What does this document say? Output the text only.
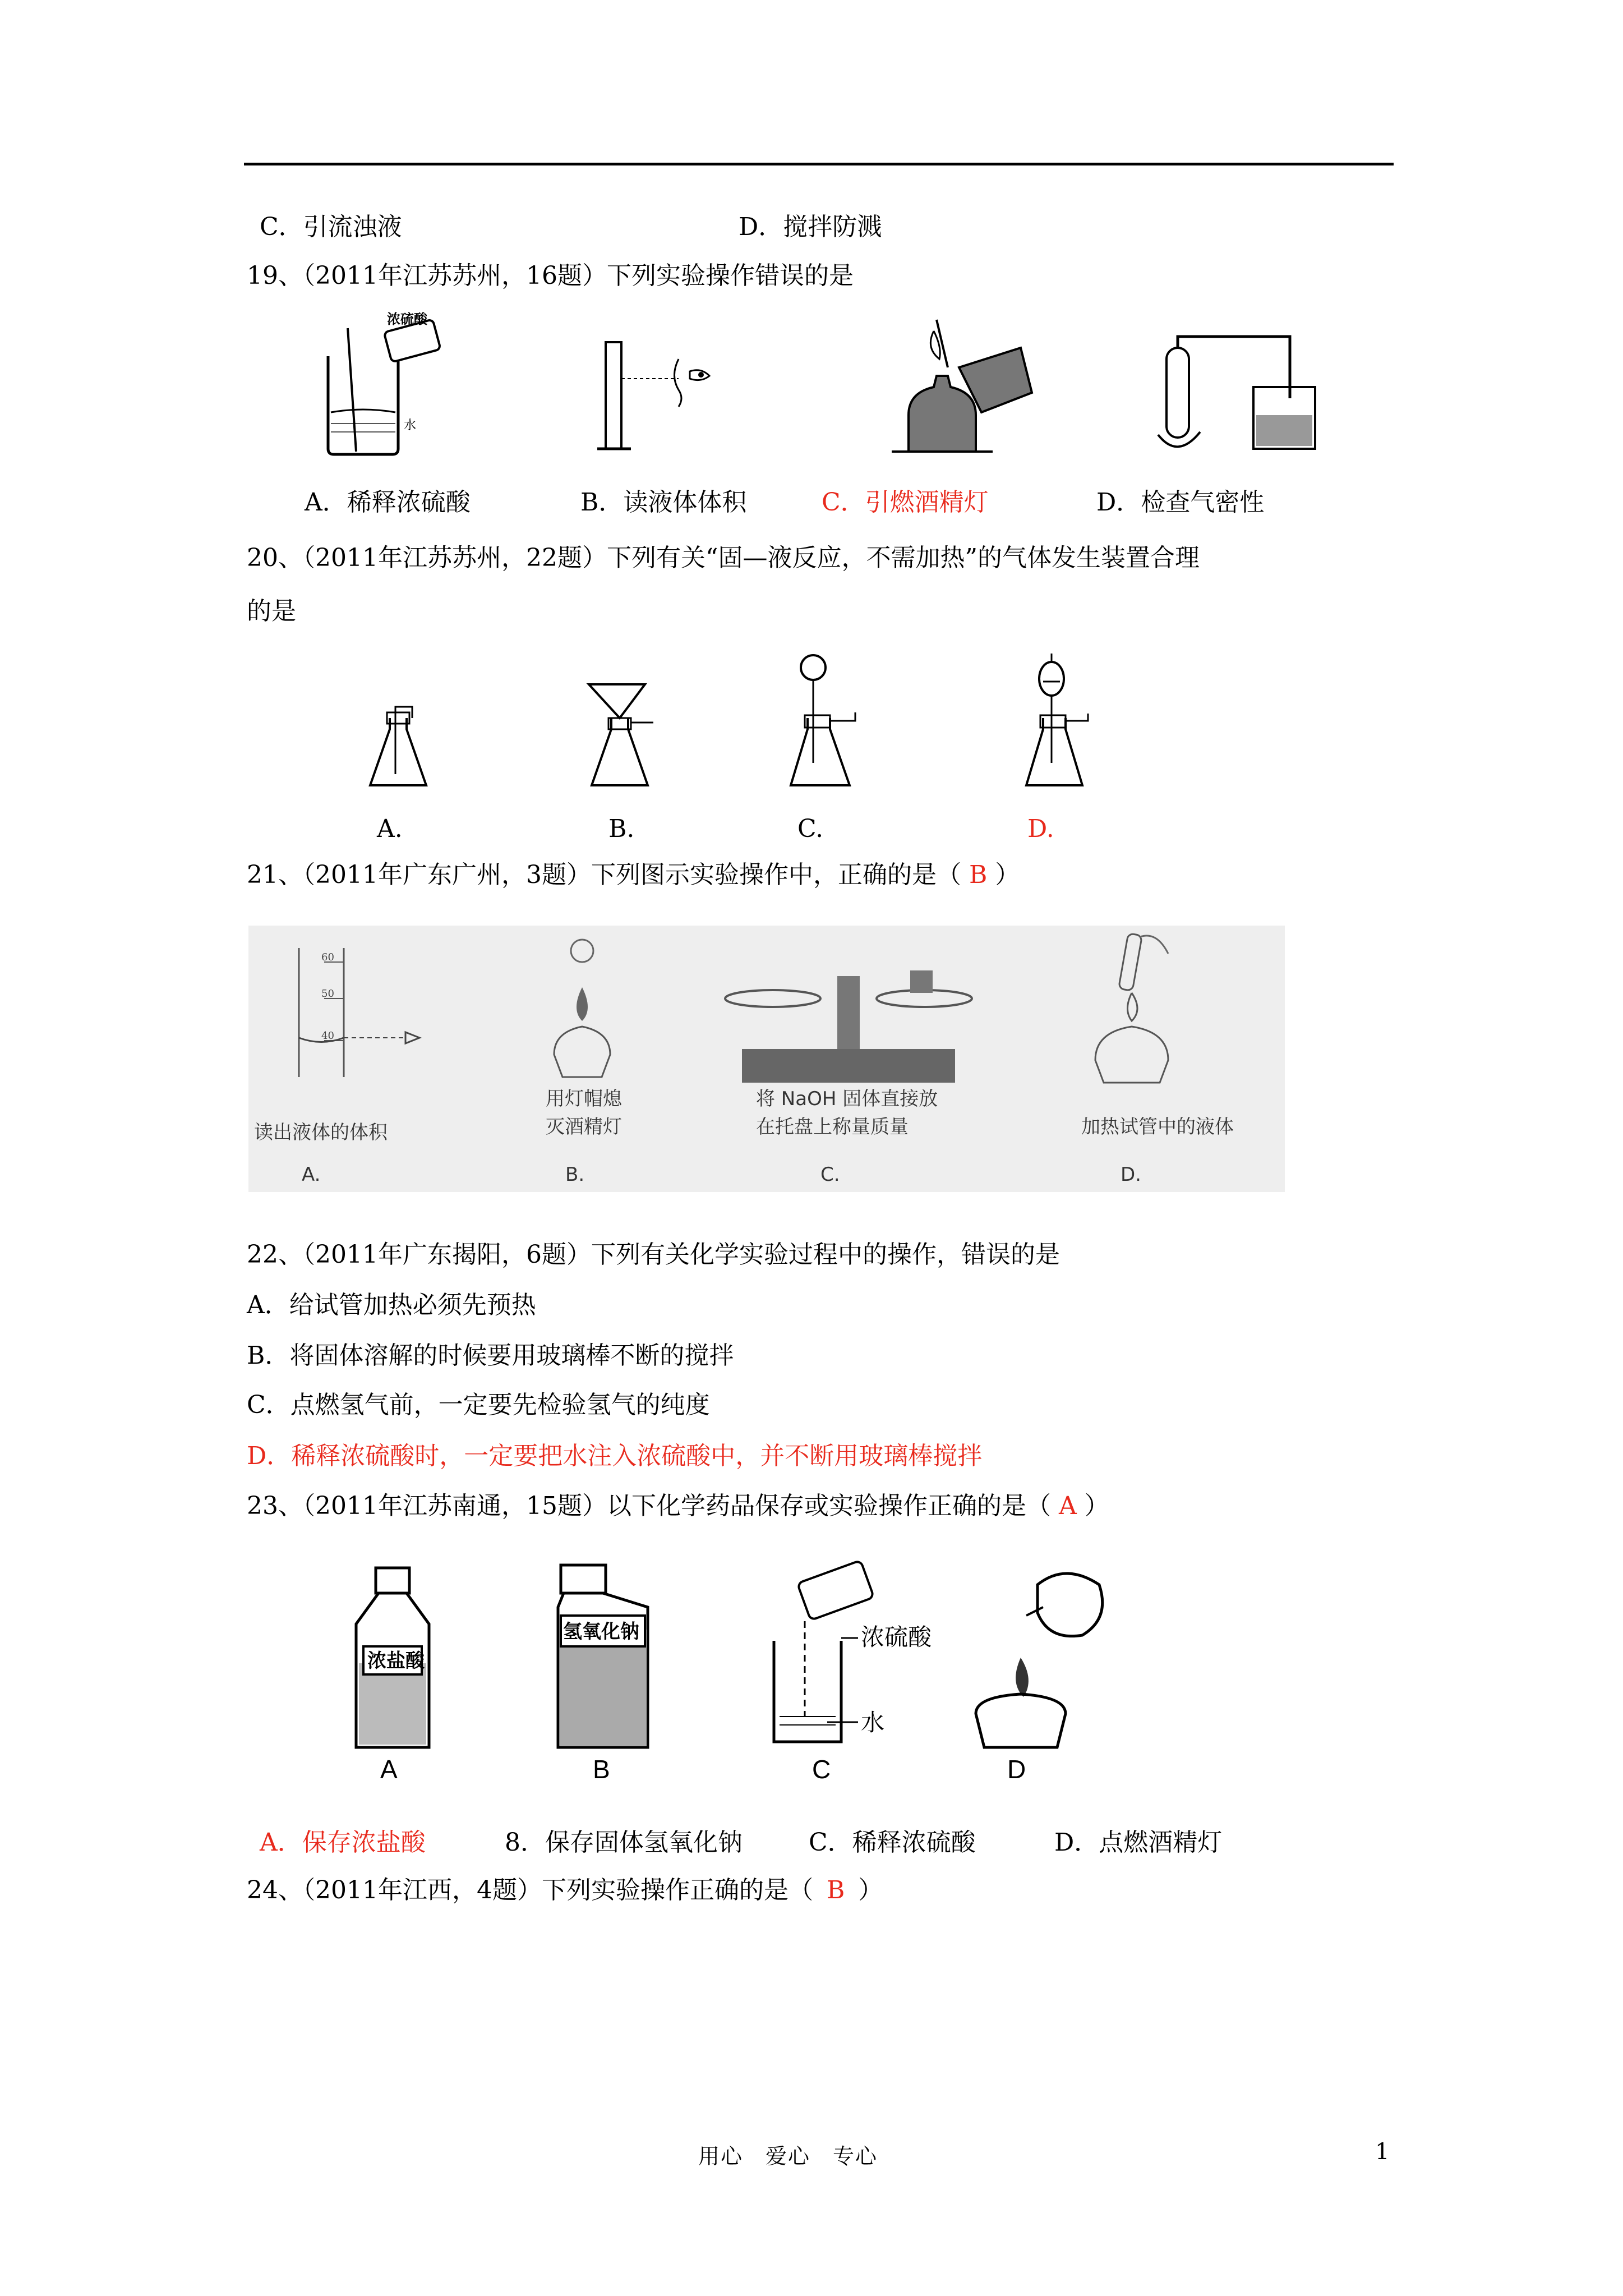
C．引流浊液	D．搅拌防溅
19、（2011年江苏苏州，16题）下列实验操作错误的是
浓硫酸
水
A．稀释浓硫酸	B．读液体体积	C．引燃酒精灯	D．检查气密性
20、（2011年江苏苏州，22题）下列有关“固—液反应，不需加热”的气体发生装置合理
的是
A.	B.	C.	D.
21、（2011年广东广州，3题）下列图示实验操作中，正确的是（ B ）
60
50
40
读出液体的体积
A.
用灯帽熄
灭酒精灯
B.
将 NaOH 固体直接放
在托盘上称量质量
C.
加热试管中的液体
D.
22、（2011年广东揭阳，6题）下列有关化学实验过程中的操作，错误的是
A．给试管加热必须先预热
B．将固体溶解的时候要用玻璃棒不断的搅拌
C．点燃氢气前，一定要先检验氢气的纯度
D．稀释浓硫酸时，一定要把水注入浓硫酸中，并不断用玻璃棒搅拌
23、（2011年江苏南通，15题）以下化学药品保存或实验操作正确的是（ A ）
浓盐酸
A
氢氧化钠
B
浓硫酸
水
C	D
A．保存浓盐酸	8．保存固体氢氧化钠	C．稀释浓硫酸	D．点燃酒精灯
24、（2011年江西，4题）下列实验操作正确的是（ B ）
用心　爱心　专心	1
